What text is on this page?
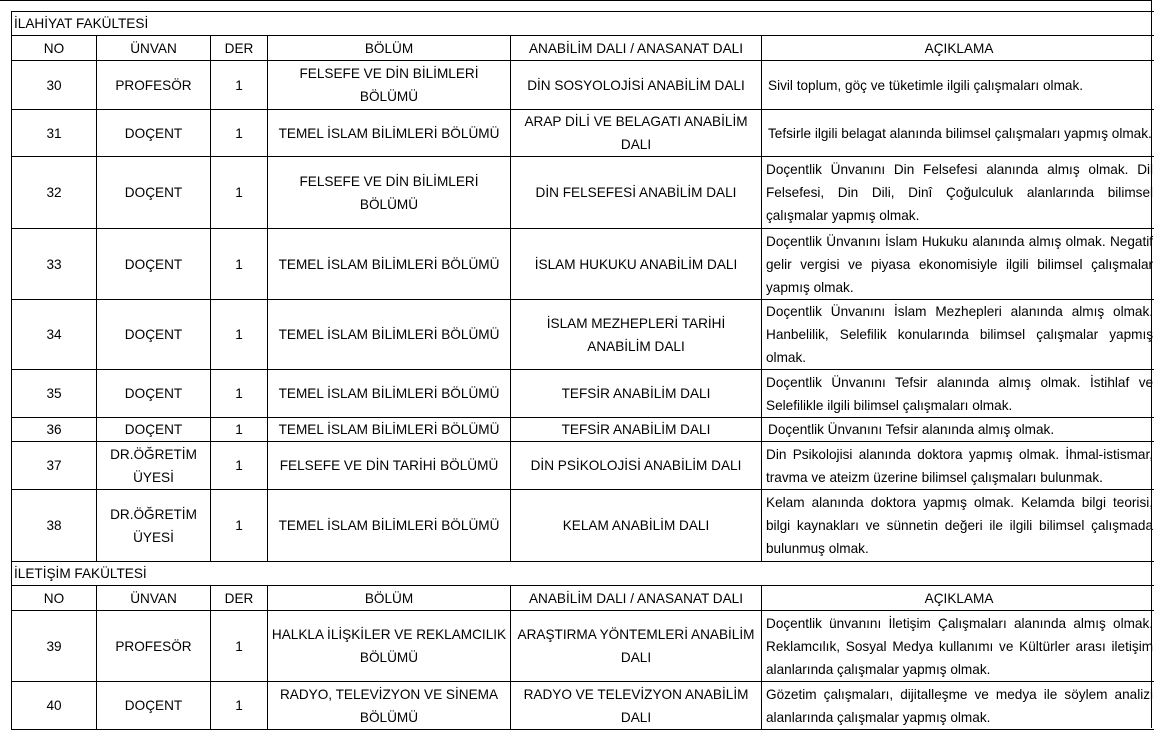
İLAHİYAT FAKÜLTESİ					
NO	ÜNVAN	DER	BÖLÜM	ANABİLİM DALI / ANASANAT DALI	AÇIKLAMA
30	PROFESÖR	1	FELSEFE VE DİN BİLİMLERİ BÖLÜMÜ	DİN SOSYOLOJİSİ ANABİLİM DALI	Sivil toplum, göç ve tüketimle ilgili çalışmaları olmak.
31	DOÇENT	1	TEMEL İSLAM BİLİMLERİ BÖLÜMÜ	ARAP DİLİ VE BELAGATI ANABİLİM DALI	Tefsirle ilgili belagat alanında bilimsel çalışmaları yapmış olmak.
32	DOÇENT	1	FELSEFE VE DİN BİLİMLERİ BÖLÜMÜ	DİN FELSEFESİ ANABİLİM DALI	Doçentlik Ünvanını Din Felsefesi alanında almış olmak. Dil Felsefesi, Din Dili, Dinî Çoğulculuk alanlarında bilimsel çalışmalar yapmış olmak.
33	DOÇENT	1	TEMEL İSLAM BİLİMLERİ BÖLÜMÜ	İSLAM HUKUKU ANABİLİM DALI	Doçentlik Ünvanını İslam Hukuku alanında almış olmak. Negatif gelir vergisi ve piyasa ekonomisiyle ilgili bilimsel çalışmalar yapmış olmak.
34	DOÇENT	1	TEMEL İSLAM BİLİMLERİ BÖLÜMÜ	İSLAM MEZHEPLERİ TARİHİ ANABİLİM DALI	Doçentlik Ünvanını İslam Mezhepleri alanında almış olmak. Hanbelilik, Selefilik konularında bilimsel çalışmalar yapmış olmak.
35	DOÇENT	1	TEMEL İSLAM BİLİMLERİ BÖLÜMÜ	TEFSİR ANABİLİM DALI	Doçentlik Ünvanını Tefsir alanında almış olmak. İstihlaf ve Selefilikle ilgili bilimsel çalışmaları olmak.
36	DOÇENT	1	TEMEL İSLAM BİLİMLERİ BÖLÜMÜ	TEFSİR ANABİLİM DALI	Doçentlik Ünvanını Tefsir alanında almış olmak.
37	DR.ÖĞRETİM ÜYESİ	1	FELSEFE VE DİN TARİHİ BÖLÜMÜ	DİN PSİKOLOJİSİ ANABİLİM DALI	Din Psikolojisi alanında doktora yapmış olmak. İhmal-istismar, travma ve ateizm üzerine bilimsel çalışmaları bulunmak.
38	DR.ÖĞRETİM ÜYESİ	1	TEMEL İSLAM BİLİMLERİ BÖLÜMÜ	KELAM ANABİLİM DALI	Kelam alanında doktora yapmış olmak. Kelamda bilgi teorisi, bilgi kaynakları ve sünnetin değeri ile ilgili bilimsel çalışmada bulunmuş olmak.
İLETİŞİM FAKÜLTESİ					
NO	ÜNVAN	DER	BÖLÜM	ANABİLİM DALI / ANASANAT DALI	AÇIKLAMA
39	PROFESÖR	1	HALKLA İLİŞKİLER VE REKLAMCILIK BÖLÜMÜ	ARAŞTIRMA YÖNTEMLERİ ANABİLİM DALI	Doçentlik ünvanını İletişim Çalışmaları alanında almış olmak. Reklamcılık, Sosyal Medya kullanımı ve Kültürler arası iletişim alanlarında çalışmalar yapmış olmak.
40	DOÇENT	1	RADYO, TELEVİZYON VE SİNEMA BÖLÜMÜ	RADYO VE TELEVİZYON ANABİLİM DALI	Gözetim çalışmaları, dijitalleşme ve medya ile söylem analizi alanlarında çalışmalar yapmış olmak.
